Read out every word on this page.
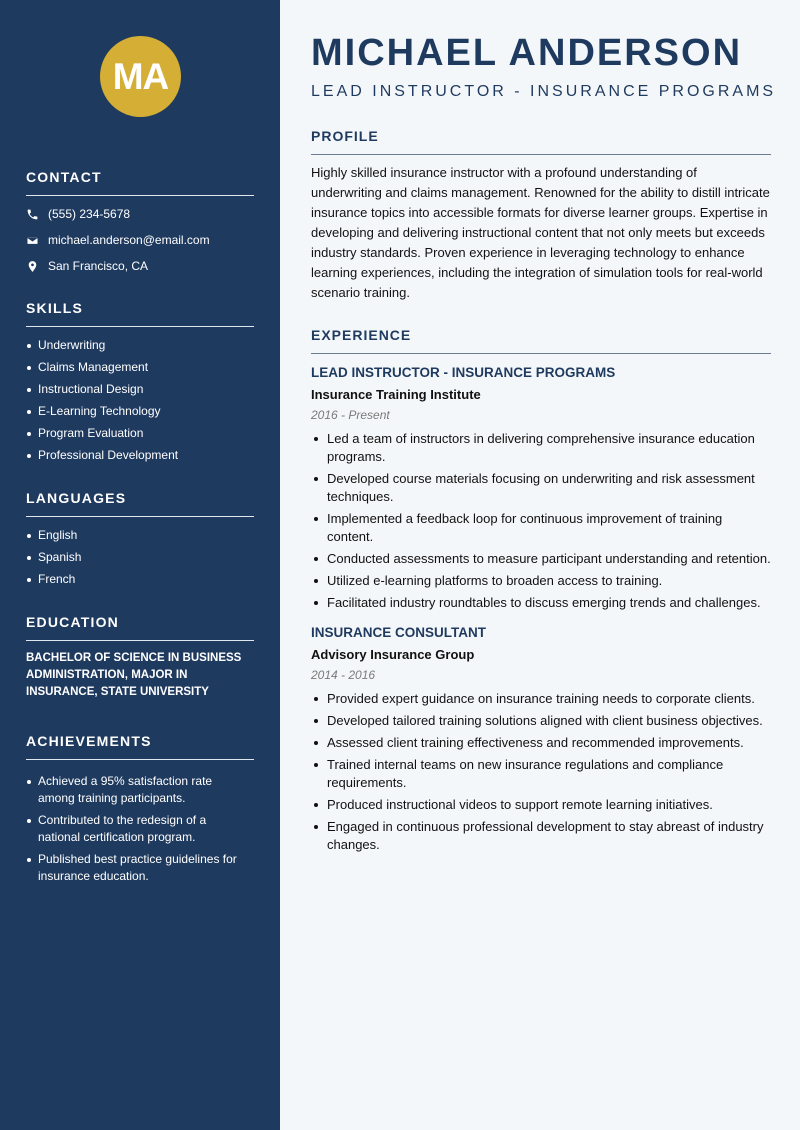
MA
CONTACT
(555) 234-5678
michael.anderson@email.com
San Francisco, CA
SKILLS
Underwriting
Claims Management
Instructional Design
E-Learning Technology
Program Evaluation
Professional Development
LANGUAGES
English
Spanish
French
EDUCATION
BACHELOR OF SCIENCE IN BUSINESS ADMINISTRATION, MAJOR IN INSURANCE, STATE UNIVERSITY
ACHIEVEMENTS
Achieved a 95% satisfaction rate among training participants.
Contributed to the redesign of a national certification program.
Published best practice guidelines for insurance education.
MICHAEL ANDERSON
LEAD INSTRUCTOR - INSURANCE PROGRAMS
PROFILE
Highly skilled insurance instructor with a profound understanding of underwriting and claims management. Renowned for the ability to distill intricate insurance topics into accessible formats for diverse learner groups. Expertise in developing and delivering instructional content that not only meets but exceeds industry standards. Proven experience in leveraging technology to enhance learning experiences, including the integration of simulation tools for real-world scenario training.
EXPERIENCE
LEAD INSTRUCTOR - INSURANCE PROGRAMS
Insurance Training Institute
2016 - Present
Led a team of instructors in delivering comprehensive insurance education programs.
Developed course materials focusing on underwriting and risk assessment techniques.
Implemented a feedback loop for continuous improvement of training content.
Conducted assessments to measure participant understanding and retention.
Utilized e-learning platforms to broaden access to training.
Facilitated industry roundtables to discuss emerging trends and challenges.
INSURANCE CONSULTANT
Advisory Insurance Group
2014 - 2016
Provided expert guidance on insurance training needs to corporate clients.
Developed tailored training solutions aligned with client business objectives.
Assessed client training effectiveness and recommended improvements.
Trained internal teams on new insurance regulations and compliance requirements.
Produced instructional videos to support remote learning initiatives.
Engaged in continuous professional development to stay abreast of industry changes.
